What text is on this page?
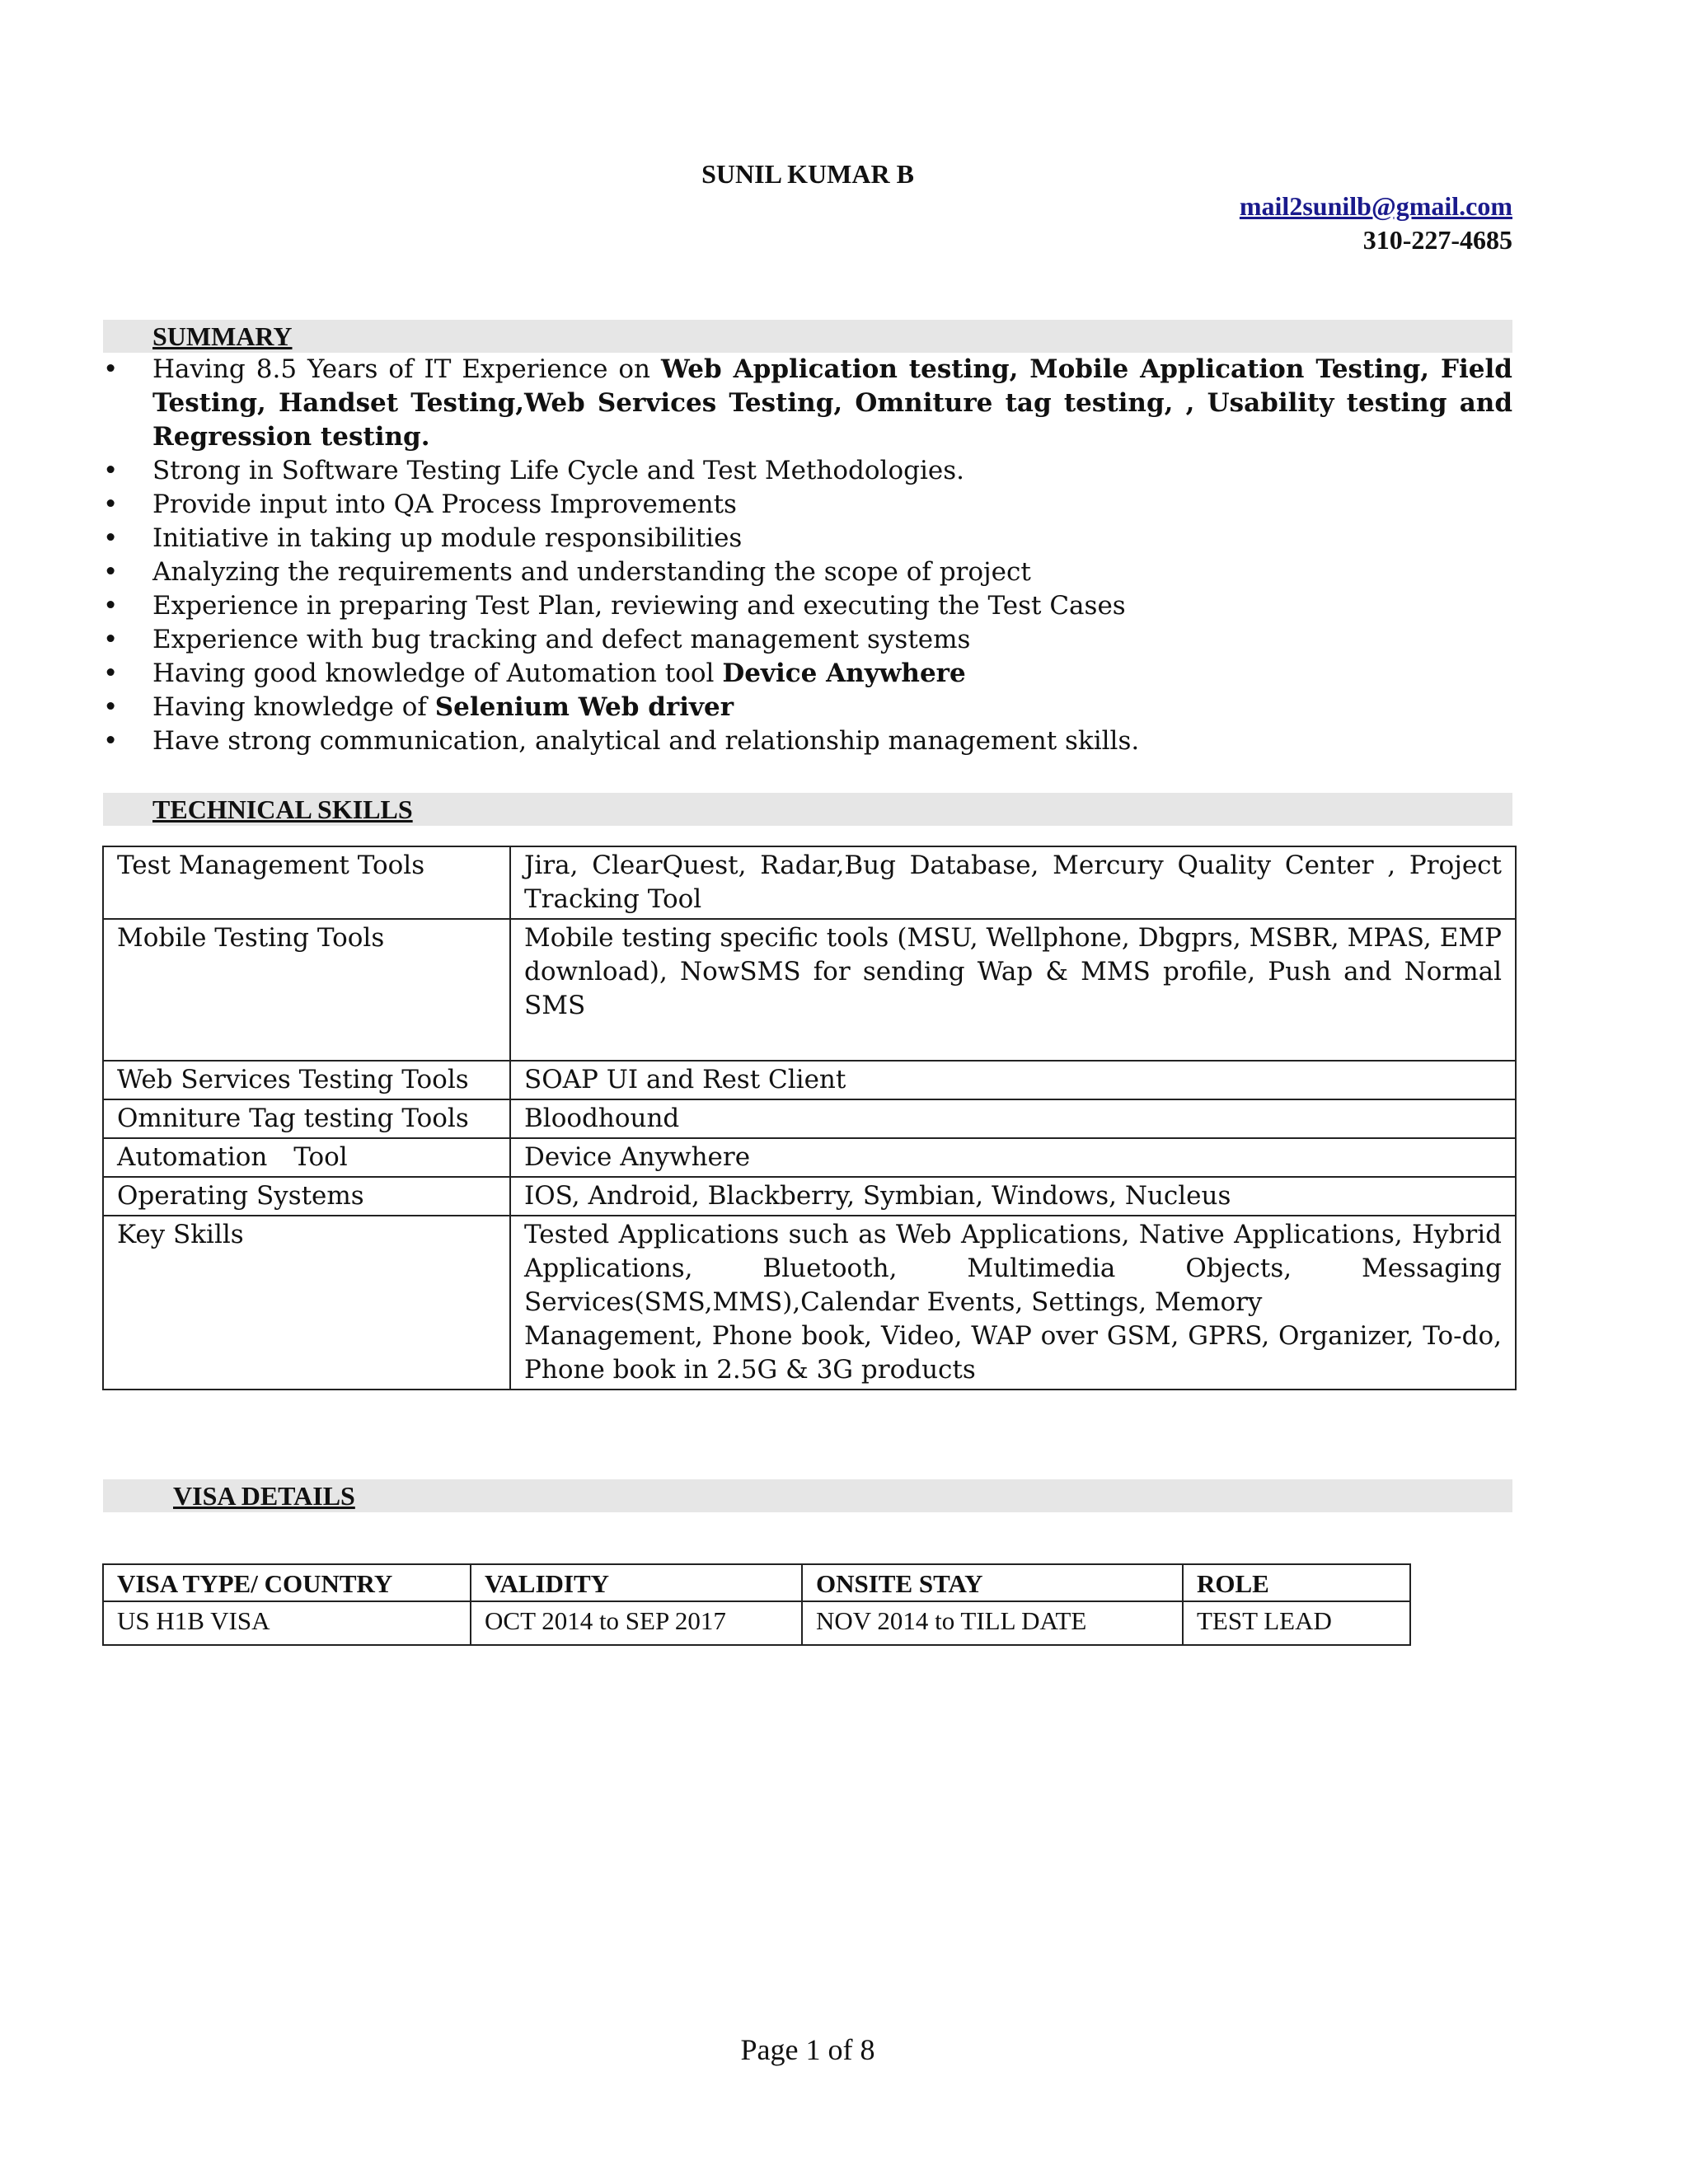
SUNIL KUMAR B
mail2sunilb@gmail.com
310-227-4685
SUMMARY
• Having 8.5 Years of IT Experience on Web Application testing, Mobile Application Testing, Field Testing, Handset Testing,Web Services Testing, Omniture tag testing, , Usability testing and Regression testing.
• Strong in Software Testing Life Cycle and Test Methodologies.
• Provide input into QA Process Improvements
• Initiative in taking up module responsibilities
• Analyzing the requirements and understanding the scope of project
• Experience in preparing Test Plan, reviewing and executing the Test Cases
• Experience with bug tracking and defect management systems
• Having good knowledge of Automation tool Device Anywhere
• Having knowledge of Selenium Web driver
• Have strong communication, analytical and relationship management skills.
TECHNICAL SKILLS
Test Management Tools	Jira, ClearQuest, Radar,Bug Database, Mercury Quality Center , Project Tracking Tool
Mobile Testing Tools	Mobile testing specific tools (MSU, Wellphone, Dbgprs, MSBR, MPAS, EMP download), NowSMS for sending Wap & MMS profile, Push and Normal SMS
Web Services Testing Tools	SOAP UI and Rest Client
Omniture Tag testing Tools	Bloodhound
Automation Tool	Device Anywhere
Operating Systems	IOS, Android, Blackberry, Symbian, Windows, Nucleus
Key Skills	Tested Applications such as Web Applications, Native Applications, Hybrid Applications, Bluetooth, Multimedia Objects, Messaging Services(SMS,MMS),Calendar Events, Settings, Memory
Management, Phone book, Video, WAP over GSM, GPRS, Organizer, To-do, Phone book in 2.5G & 3G products
VISA DETAILS
VISA TYPE/ COUNTRY	VALIDITY	ONSITE STAY	ROLE
US H1B VISA	OCT 2014 to SEP 2017	NOV 2014 to TILL DATE	TEST LEAD
Page 1 of 8
